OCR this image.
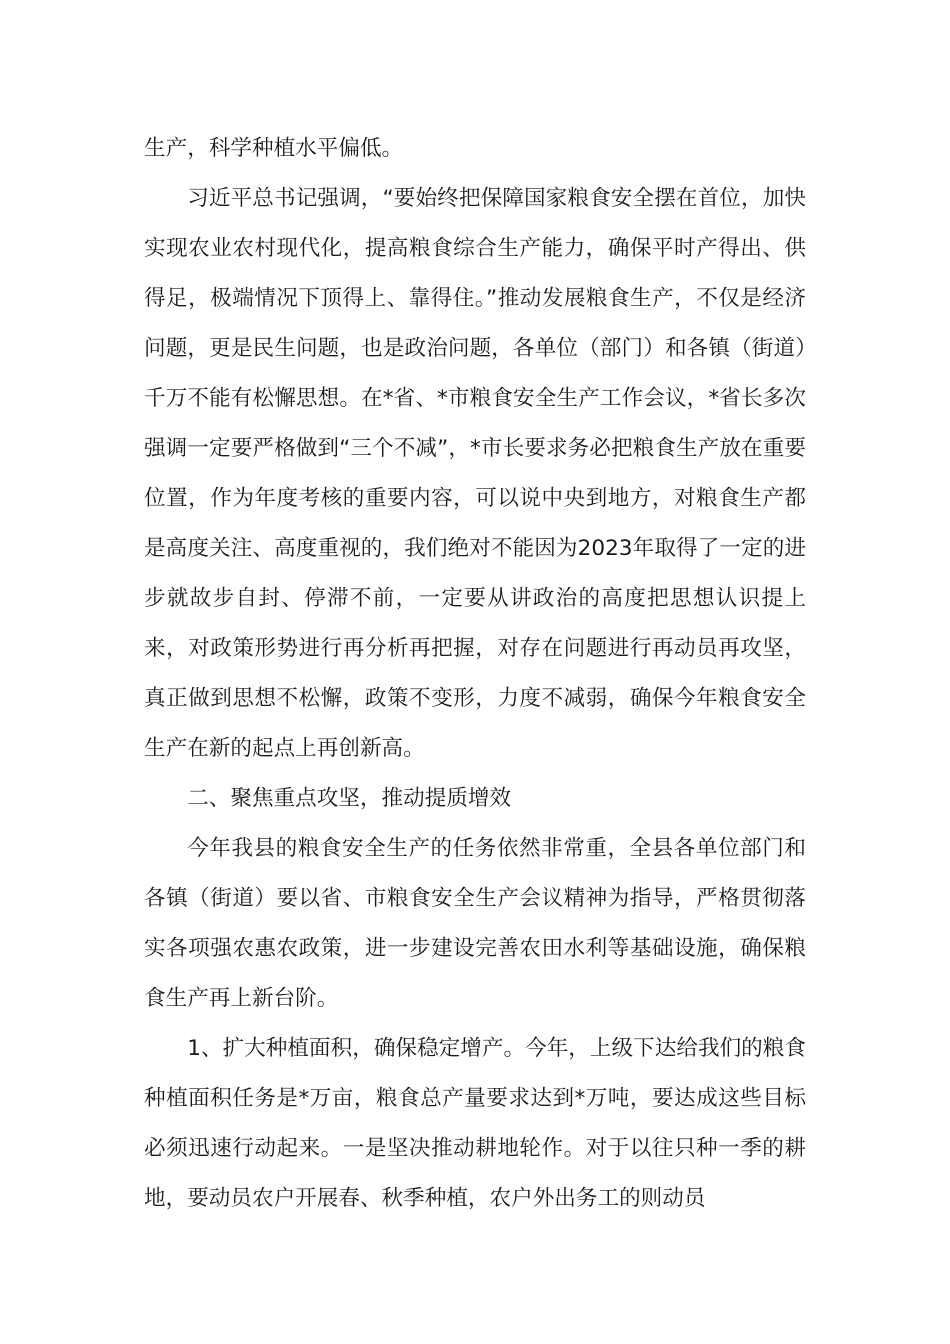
生产，科学种植水平偏低。

习近平总书记强调，“要始终把保障国家粮食安全摆在首位，加快实现农业农村现代化，提高粮食综合生产能力，确保平时产得出、供得足，极端情况下顶得上、靠得住。”推动发展粮食生产，不仅是经济问题，更是民生问题，也是政治问题，各单位（部门）和各镇（街道）千万不能有松懈思想。在*省、*市粮食安全生产工作会议，*省长多次强调一定要严格做到“三个不减”，*市长要求务必把粮食生产放在重要位置，作为年度考核的重要内容，可以说中央到地方，对粮食生产都是高度关注、高度重视的，我们绝对不能因为2023年取得了一定的进步就故步自封、停滞不前，一定要从讲政治的高度把思想认识提上来，对政策形势进行再分析再把握，对存在问题进行再动员再攻坚，真正做到思想不松懈，政策不变形，力度不减弱，确保今年粮食安全生产在新的起点上再创新高。

二、聚焦重点攻坚，推动提质增效

今年我县的粮食安全生产的任务依然非常重，全县各单位部门和各镇（街道）要以省、市粮食安全生产会议精神为指导，严格贯彻落实各项强农惠农政策，进一步建设完善农田水利等基础设施，确保粮食生产再上新台阶。

1、扩大种植面积，确保稳定增产。今年，上级下达给我们的粮食种植面积任务是*万亩，粮食总产量要求达到*万吨，要达成这些目标必须迅速行动起来。一是坚决推动耕地轮作。对于以往只种一季的耕地，要动员农户开展春、秋季种植，农户外出务工的则动员
